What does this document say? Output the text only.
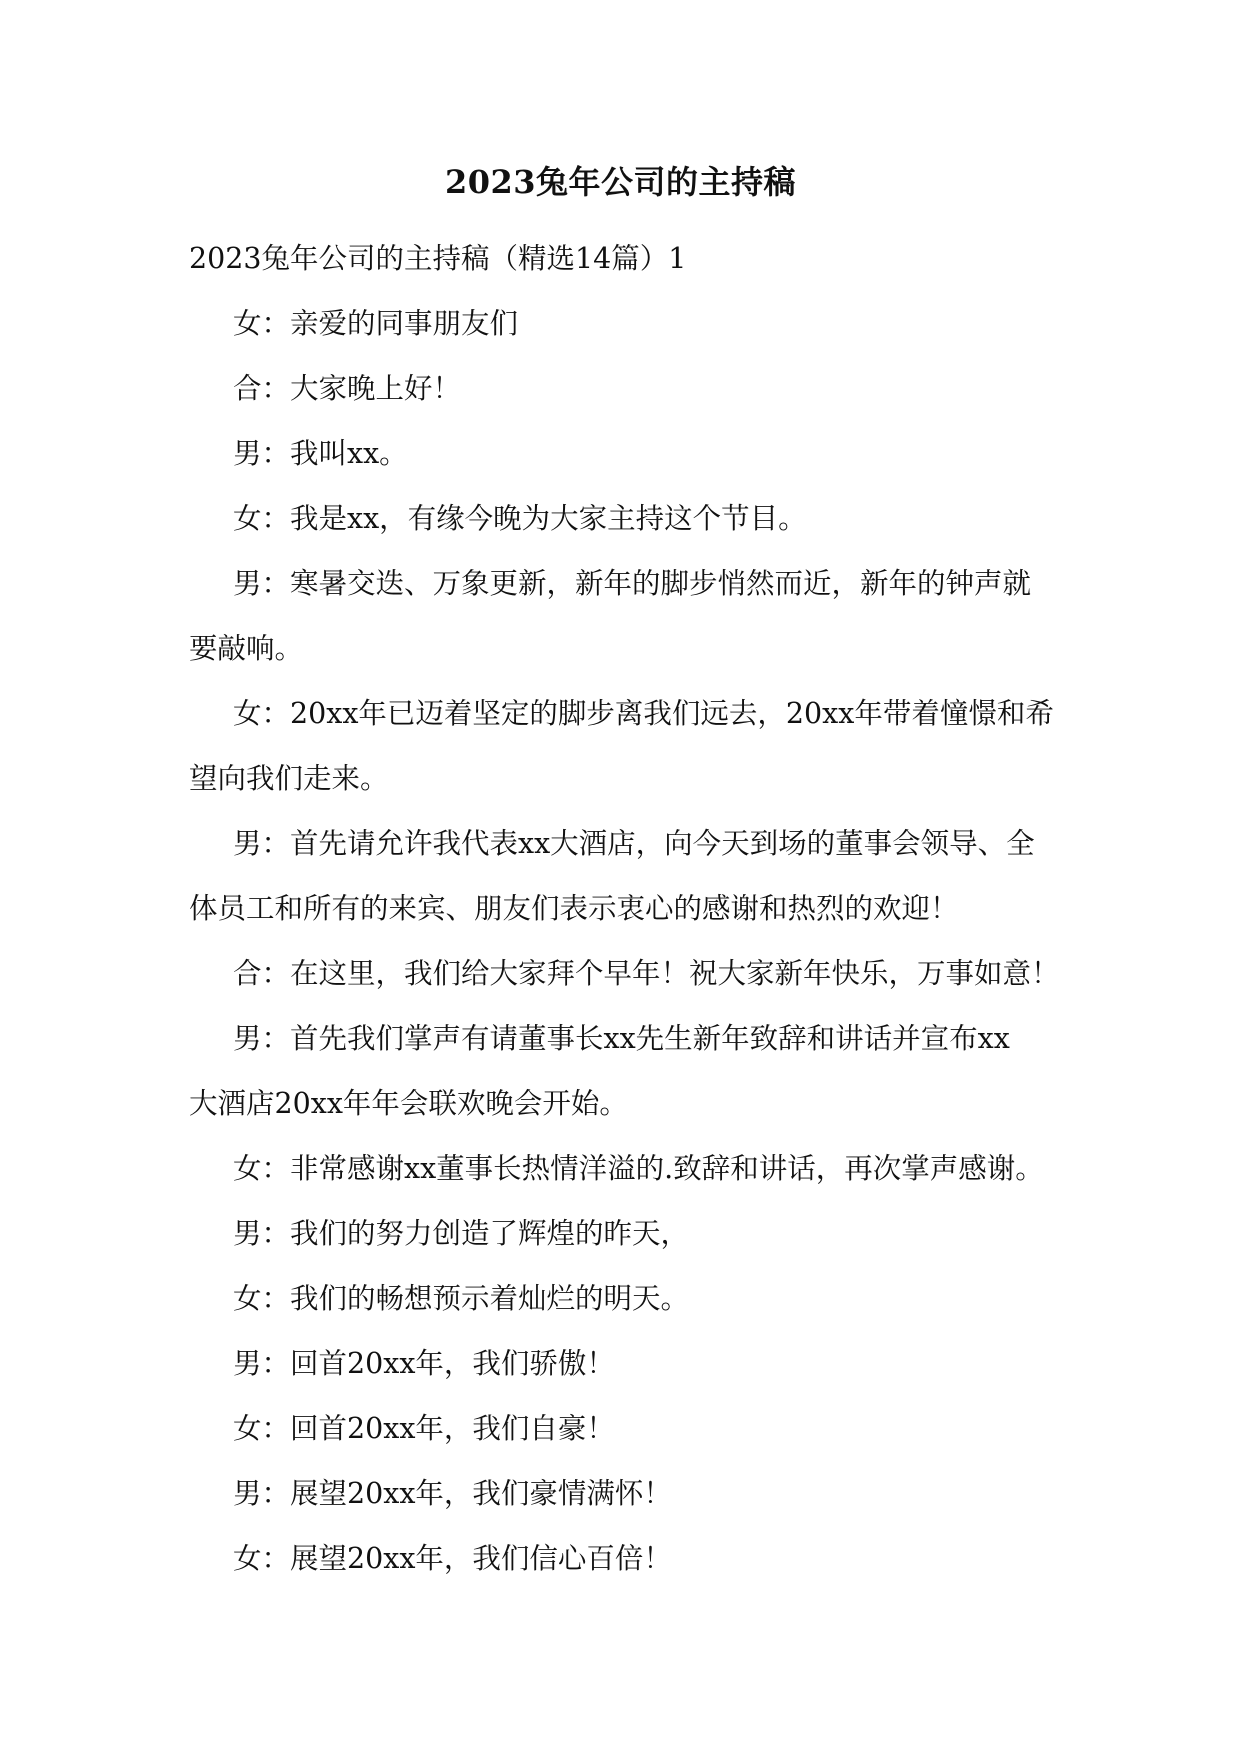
2023兔年公司的主持稿

2023兔年公司的主持稿（精选14篇）1

女：亲爱的同事朋友们

合：大家晚上好！

男：我叫xx。

女：我是xx，有缘今晚为大家主持这个节目。

男：寒暑交迭、万象更新，新年的脚步悄然而近，新年的钟声就

要敲响。

女：20xx年已迈着坚定的脚步离我们远去，20xx年带着憧憬和希

望向我们走来。

男：首先请允许我代表xx大酒店，向今天到场的董事会领导、全

体员工和所有的来宾、朋友们表示衷心的感谢和热烈的欢迎！

合：在这里，我们给大家拜个早年！祝大家新年快乐，万事如意！

男：首先我们掌声有请董事长xx先生新年致辞和讲话并宣布xx

大酒店20xx年年会联欢晚会开始。

女：非常感谢xx董事长热情洋溢的.致辞和讲话，再次掌声感谢。

男：我们的努力创造了辉煌的昨天，

女：我们的畅想预示着灿烂的明天。

男：回首20xx年，我们骄傲！

女：回首20xx年，我们自豪！

男：展望20xx年，我们豪情满怀！

女：展望20xx年，我们信心百倍！
